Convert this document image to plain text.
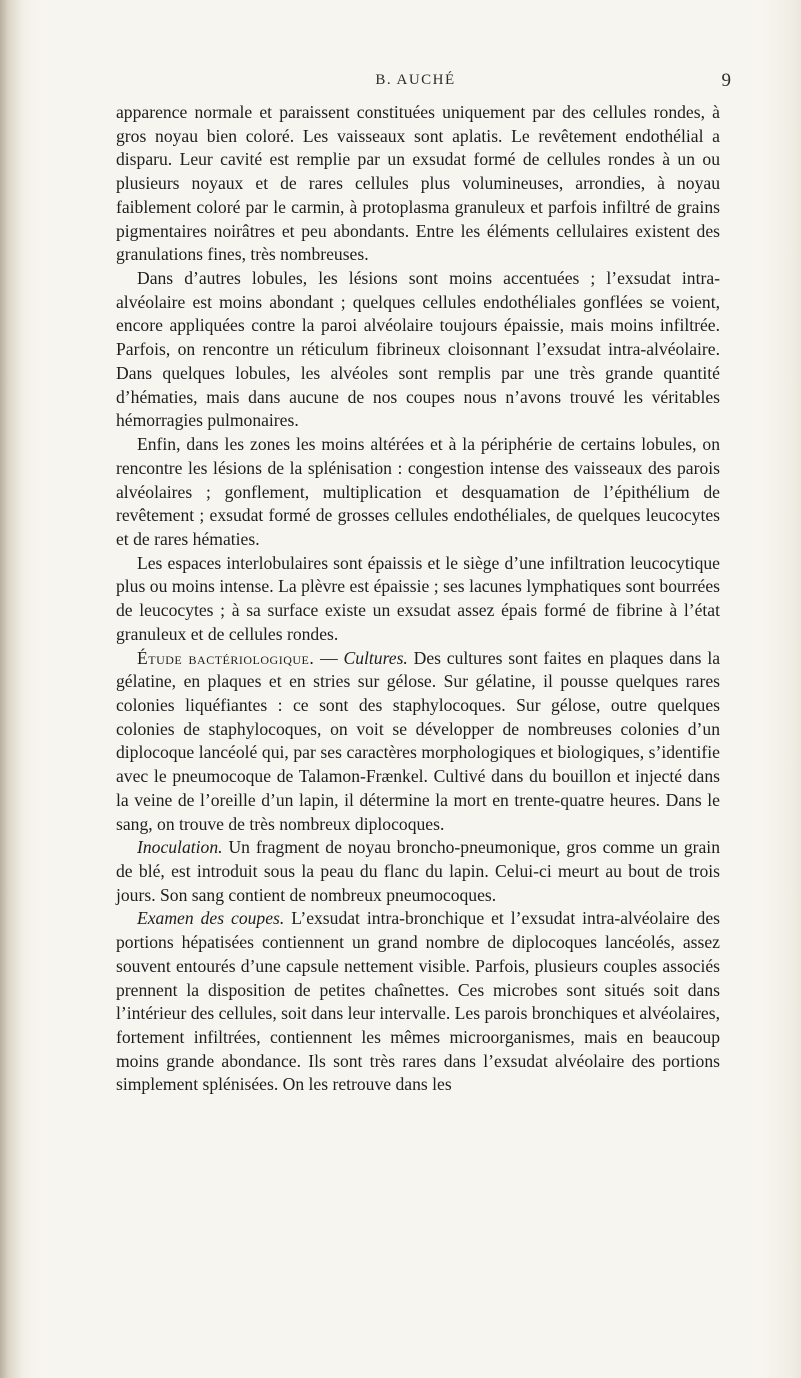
B. AUCHÉ	9

apparence normale et paraissent constituées uniquement par des cellules rondes, à gros noyau bien coloré. Les vaisseaux sont aplatis. Le revêtement endothélial a disparu. Leur cavité est remplie par un exsudat formé de cellules rondes à un ou plusieurs noyaux et de rares cellules plus volumineuses, arrondies, à noyau faiblement coloré par le carmin, à protoplasma granuleux et parfois infiltré de grains pigmentaires noirâtres et peu abondants. Entre les éléments cellulaires existent des granulations fines, très nombreuses.

Dans d’autres lobules, les lésions sont moins accentuées ; l’exsudat intra-alvéolaire est moins abondant ; quelques cellules endothéliales gonflées se voient, encore appliquées contre la paroi alvéolaire toujours épaissie, mais moins infiltrée. Parfois, on rencontre un réticulum fibrineux cloisonnant l’exsudat intra-alvéolaire. Dans quelques lobules, les alvéoles sont remplis par une très grande quantité d’hématies, mais dans aucune de nos coupes nous n’avons trouvé les véritables hémorragies pulmonaires.

Enfin, dans les zones les moins altérées et à la périphérie de certains lobules, on rencontre les lésions de la splénisation : congestion intense des vaisseaux des parois alvéolaires ; gonflement, multiplication et desquamation de l’épithélium de revêtement ; exsudat formé de grosses cellules endothéliales, de quelques leucocytes et de rares hématies.

Les espaces interlobulaires sont épaissis et le siège d’une infiltration leucocytique plus ou moins intense. La plèvre est épaissie ; ses lacunes lymphatiques sont bourrées de leucocytes ; à sa surface existe un exsudat assez épais formé de fibrine à l’état granuleux et de cellules rondes.

Étude bactériologique. — Cultures. Des cultures sont faites en plaques dans la gélatine, en plaques et en stries sur gélose. Sur gélatine, il pousse quelques rares colonies liquéfiantes : ce sont des staphylocoques. Sur gélose, outre quelques colonies de staphylocoques, on voit se développer de nombreuses colonies d’un diplocoque lancéolé qui, par ses caractères morphologiques et biologiques, s’identifie avec le pneumocoque de Talamon-Frænkel. Cultivé dans du bouillon et injecté dans la veine de l’oreille d’un lapin, il détermine la mort en trente-quatre heures. Dans le sang, on trouve de très nombreux diplocoques.

Inoculation. Un fragment de noyau broncho-pneumonique, gros comme un grain de blé, est introduit sous la peau du flanc du lapin. Celui-ci meurt au bout de trois jours. Son sang contient de nombreux pneumocoques.

Examen des coupes. L’exsudat intra-bronchique et l’exsudat intra-alvéolaire des portions hépatisées contiennent un grand nombre de diplocoques lancéolés, assez souvent entourés d’une capsule nettement visible. Parfois, plusieurs couples associés prennent la disposition de petites chaînettes. Ces microbes sont situés soit dans l’intérieur des cellules, soit dans leur intervalle. Les parois bronchiques et alvéolaires, fortement infiltrées, contiennent les mêmes microorganismes, mais en beaucoup moins grande abondance. Ils sont très rares dans l’exsudat alvéolaire des portions simplement splénisées. On les retrouve dans les
